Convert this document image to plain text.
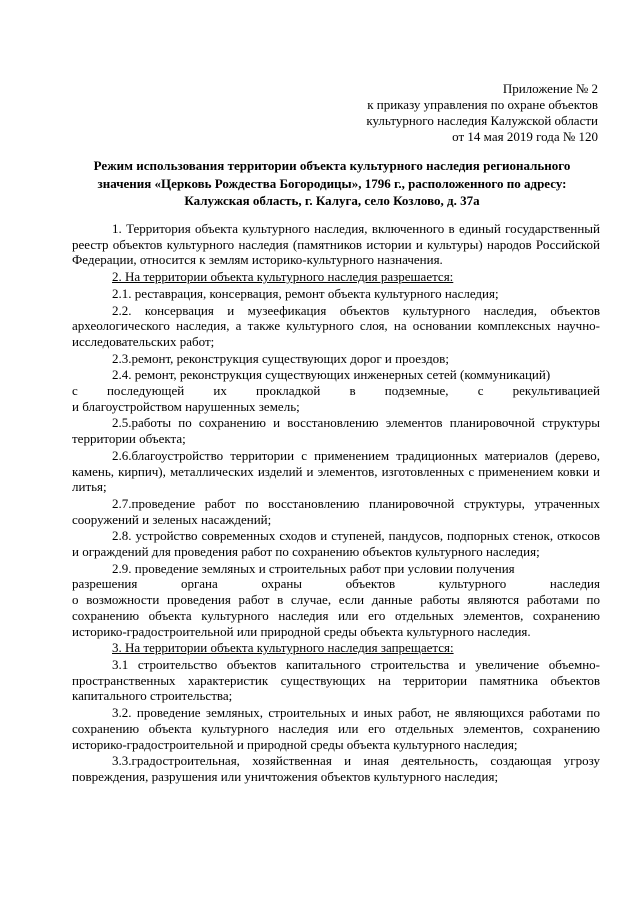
Приложение № 2
к приказу управления по охране объектов
культурного наследия Калужской области
от 14 мая 2019 года № 120
Режим использования территории объекта культурного наследия регионального
значения «Церковь Рождества Богородицы», 1796 г., расположенного по адресу:
Калужская область, г. Калуга, село Козлово, д. 37а

1. Территория объекта культурного наследия, включенного в единый государственный реестр объектов культурного наследия (памятников истории и культуры) народов Российской Федерации, относится к землям историко-культурного назначения.

2. На территории объекта культурного наследия разрешается:

2.1. реставрация, консервация, ремонт объекта культурного наследия;

2.2. консервация и музеефикация объектов культурного наследия, объектов археологического наследия, а также культурного слоя, на основании комплексных научно-исследовательских работ;

2.3.ремонт, реконструкция существующих дорог и проездов;

2.4. ремонт, реконструкция существующих инженерных сетей (коммуникаций)

с последующей их прокладкой в подземные, с рекультивацией
и благоустройством нарушенных земель;

2.5.работы по сохранению и восстановлению элементов планировочной структуры территории объекта;

2.6.благоустройство территории с применением традиционных материалов (дерево, камень, кирпич), металлических изделий и элементов, изготовленных с применением ковки и литья;

2.7.проведение работ по восстановлению планировочной структуры, утраченных сооружений и зеленых насаждений;

2.8. устройство современных сходов и ступеней, пандусов, подпорных стенок, откосов и ограждений для проведения работ по сохранению объектов культурного наследия;

2.9. проведение земляных и строительных работ при условии получения

разрешения	органа	охраны	объектов	культурного	наследия
о возможности проведения работ в случае, если данные работы являются работами по сохранению объекта культурного наследия или его отдельных элементов, сохранению историко-градостроительной или природной среды объекта культурного наследия.

3. На территории объекта культурного наследия запрещается:

3.1 строительство объектов капитального строительства и увеличение объемно-пространственных характеристик существующих на территории памятника объектов капитального строительства;

3.2. проведение земляных, строительных и иных работ, не являющихся работами по сохранению объекта культурного наследия или его отдельных элементов, сохранению историко-градостроительной и природной среды объекта культурного наследия;

3.3.градостроительная, хозяйственная и иная деятельность, создающая угрозу повреждения, разрушения или уничтожения объектов культурного наследия;
